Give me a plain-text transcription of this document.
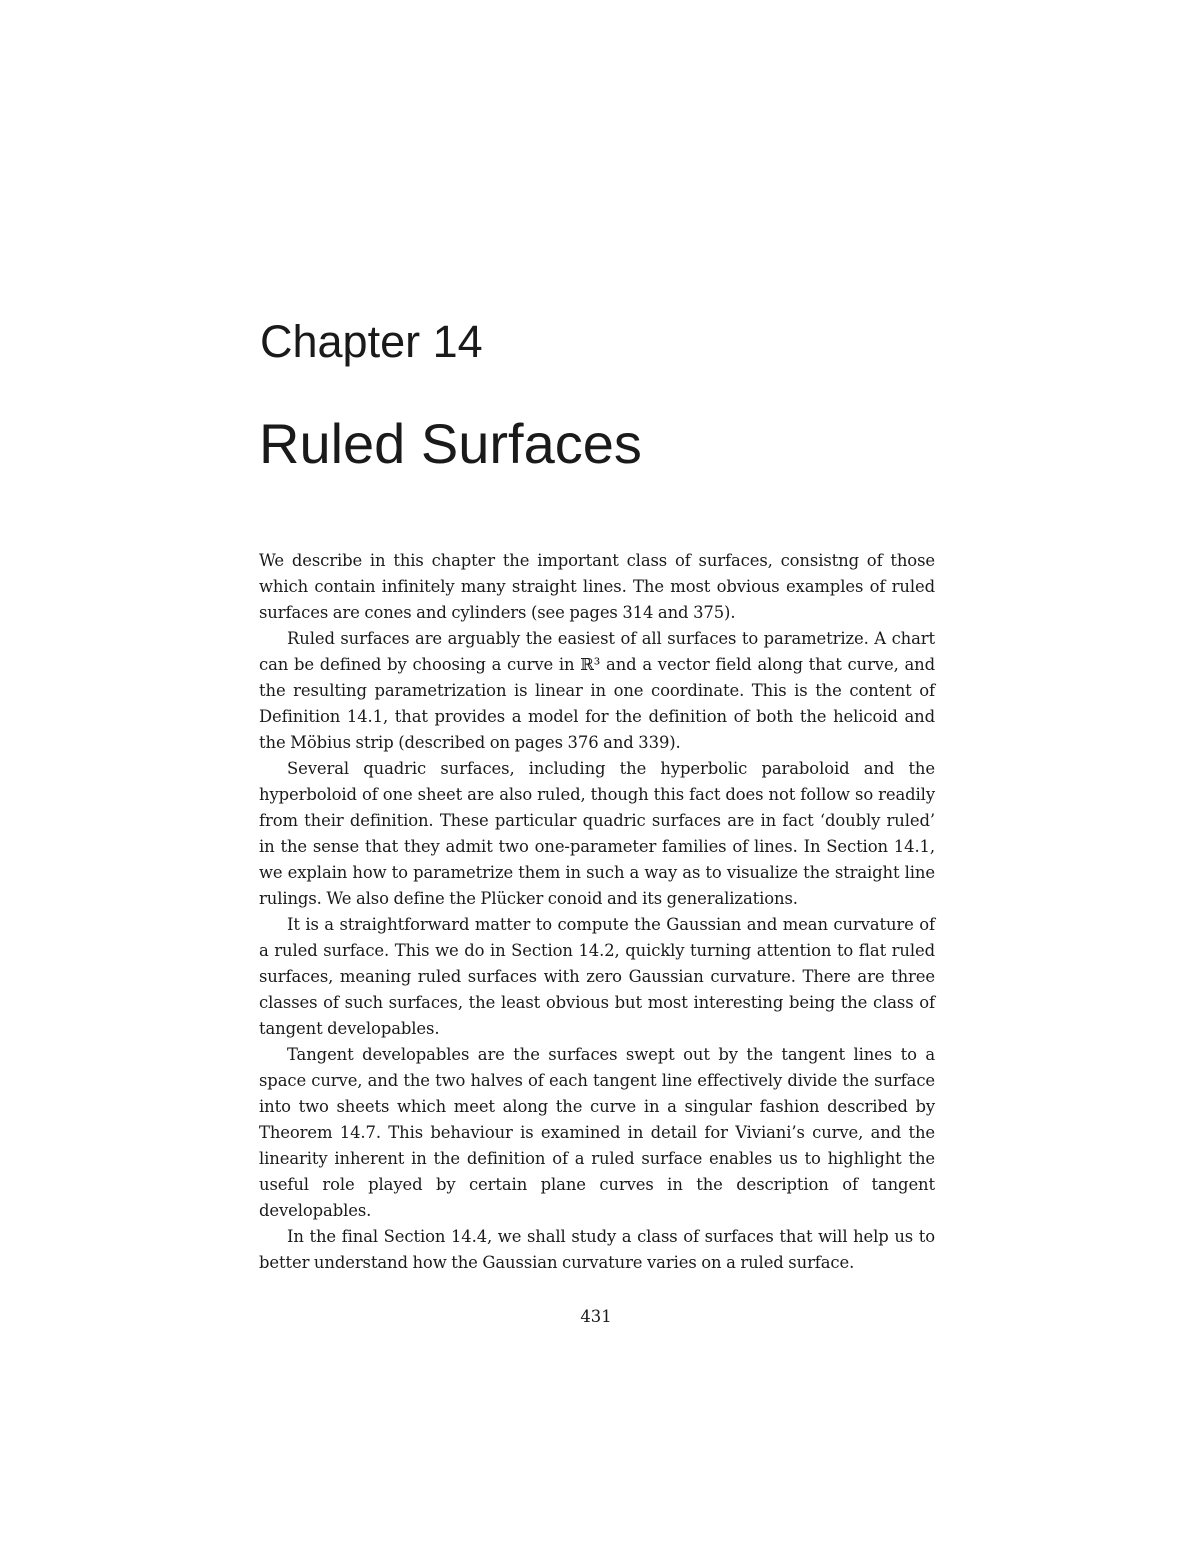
Chapter 14
Ruled Surfaces

We describe in this chapter the important class of surfaces, consistng of those which contain infinitely many straight lines. The most obvious examples of ruled surfaces are cones and cylinders (see pages 314 and 375).

Ruled surfaces are arguably the easiest of all surfaces to parametrize. A chart can be defined by choosing a curve in ℝ³ and a vector field along that curve, and the resulting parametrization is linear in one coordinate. This is the content of Definition 14.1, that provides a model for the definition of both the helicoid and the Möbius strip (described on pages 376 and 339).

Several quadric surfaces, including the hyperbolic paraboloid and the hyperboloid of one sheet are also ruled, though this fact does not follow so readily from their definition. These particular quadric surfaces are in fact ‘doubly ruled’ in the sense that they admit two one-parameter families of lines. In Section 14.1, we explain how to parametrize them in such a way as to visualize the straight line rulings. We also define the Plücker conoid and its generalizations.

It is a straightforward matter to compute the Gaussian and mean curvature of a ruled surface. This we do in Section 14.2, quickly turning attention to flat ruled surfaces, meaning ruled surfaces with zero Gaussian curvature. There are three classes of such surfaces, the least obvious but most interesting being the class of tangent developables.

Tangent developables are the surfaces swept out by the tangent lines to a space curve, and the two halves of each tangent line effectively divide the surface into two sheets which meet along the curve in a singular fashion described by Theorem 14.7. This behaviour is examined in detail for Viviani’s curve, and the linearity inherent in the definition of a ruled surface enables us to highlight the useful role played by certain plane curves in the description of tangent developables.

In the final Section 14.4, we shall study a class of surfaces that will help us to better understand how the Gaussian curvature varies on a ruled surface.

431
